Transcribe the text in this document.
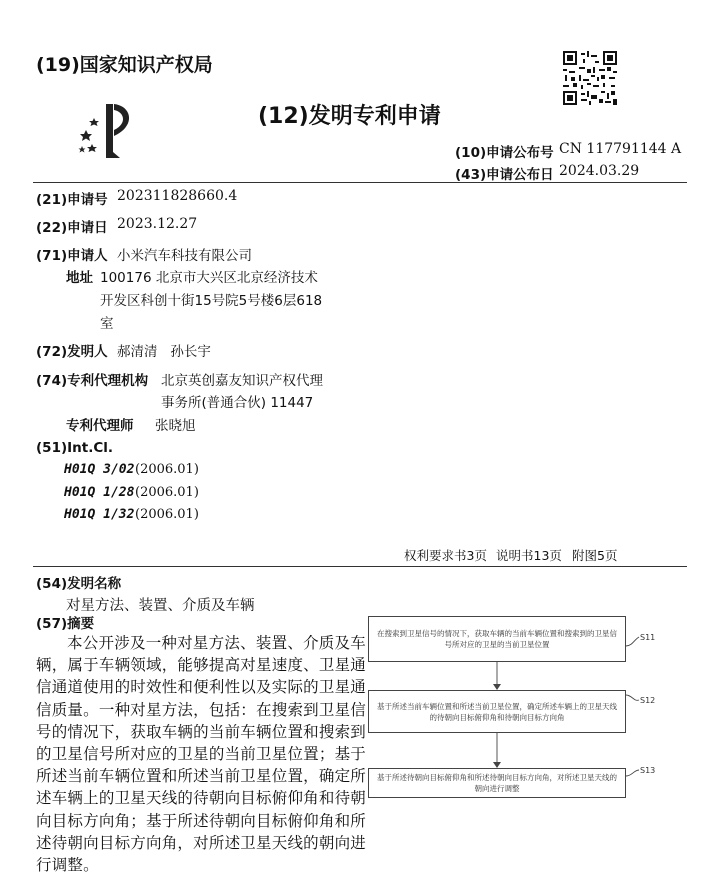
(19)国家知识产权局
(12)发明专利申请
(10)申请公布号 CN 117791144 A
(43)申请公布日 2024.03.29
(21)申请号 202311828660.4
(22)申请日 2023.12.27
(71)申请人 小米汽车科技有限公司
地址 100176 北京市大兴区北京经济技术
开发区科创十街15号院5号楼6层618
室
(72)发明人 郝清清   孙长宇
(74)专利代理机构 北京英创嘉友知识产权代理
事务所(普通合伙) 11447
专利代理师 张晓旭
(51)Int.Cl.
H01Q 3/02 (2006.01)
H01Q 1/28 (2006.01)
H01Q 1/32 (2006.01)
权利要求书3页 说明书13页 附图5页
(54)发明名称
对星方法、装置、介质及车辆
(57)摘要
本公开涉及一种对星方法、装置、介质及车辆，属于车辆领域，能够提高对星速度、卫星通信通道使用的时效性和便利性以及实际的卫星通信质量。一种对星方法，包括：在搜索到卫星信号的情况下，获取车辆的当前车辆位置和搜索到的卫星信号所对应的卫星的当前卫星位置；基于所述当前车辆位置和所述当前卫星位置，确定所述车辆上的卫星天线的待朝向目标俯仰角和待朝向目标方向角；基于所述待朝向目标俯仰角和所述待朝向目标方向角，对所述卫星天线的朝向进行调整。
在搜索到卫星信号的情况下，获取车辆的当前车辆位置和搜索到的卫星信号所对应的卫星的当前卫星位置
S11
基于所述当前车辆位置和所述当前卫星位置，确定所述车辆上的卫星天线的待朝向目标俯仰角和待朝向目标方向角
S12
基于所述待朝向目标俯仰角和所述待朝向目标方向角，对所述卫星天线的朝向进行调整
S13
